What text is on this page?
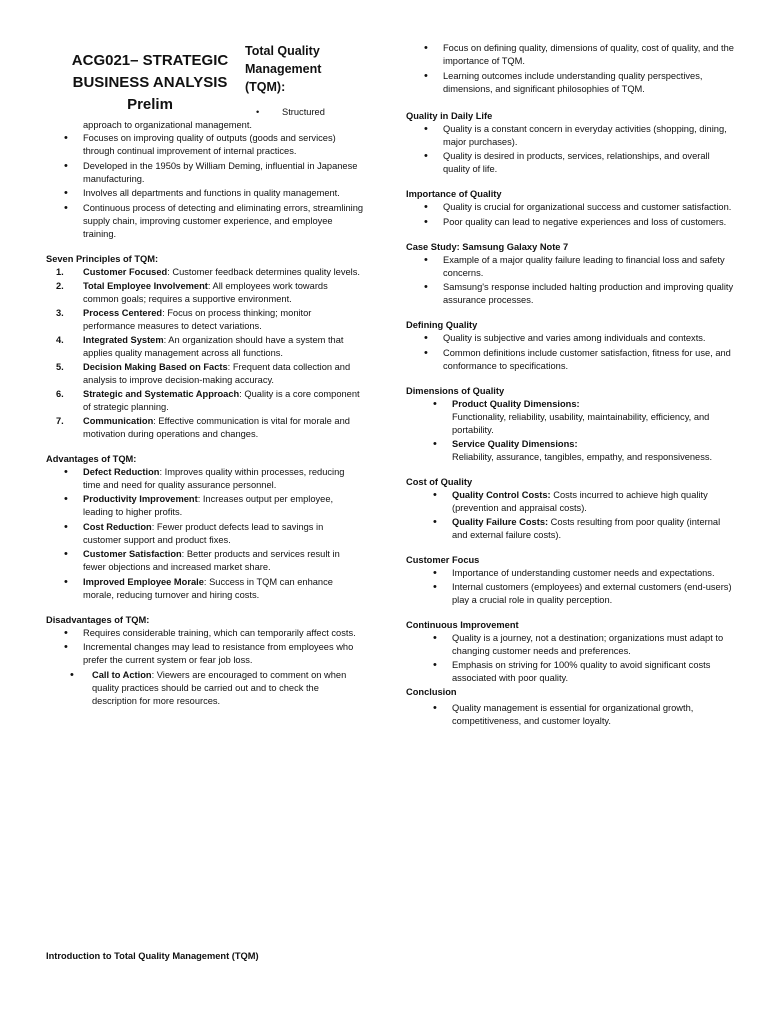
ACG021– STRATEGIC
BUSINESS ANALYSIS
Prelim
Total Quality
Management
(TQM):
• Structured
approach to organizational management.
• Focuses on improving quality of outputs (goods and services) through continual improvement of internal practices.
• Developed in the 1950s by William Deming, influential in Japanese manufacturing.
• Involves all departments and functions in quality management.
• Continuous process of detecting and eliminating errors, streamlining supply chain, improving customer experience, and employee training.
Seven Principles of TQM:
1. Customer Focused: Customer feedback determines quality levels.
2. Total Employee Involvement: All employees work towards common goals; requires a supportive environment.
3. Process Centered: Focus on process thinking; monitor performance measures to detect variations.
4. Integrated System: An organization should have a system that applies quality management across all functions.
5. Decision Making Based on Facts: Frequent data collection and analysis to improve decision-making accuracy.
6. Strategic and Systematic Approach: Quality is a core component of strategic planning.
7. Communication: Effective communication is vital for morale and motivation during operations and changes.
Advantages of TQM:
• Defect Reduction: Improves quality within processes, reducing time and need for quality assurance personnel.
• Productivity Improvement: Increases output per employee, leading to higher profits.
• Cost Reduction: Fewer product defects lead to savings in customer support and product fixes.
• Customer Satisfaction: Better products and services result in fewer objections and increased market share.
• Improved Employee Morale: Success in TQM can enhance morale, reducing turnover and hiring costs.
Disadvantages of TQM:
• Requires considerable training, which can temporarily affect costs.
• Incremental changes may lead to resistance from employees who prefer the current system or fear job loss.
• Call to Action: Viewers are encouraged to comment on when quality practices should be carried out and to check the description for more resources.
• Focus on defining quality, dimensions of quality, cost of quality, and the importance of TQM.
• Learning outcomes include understanding quality perspectives, dimensions, and significant philosophies of TQM.
Quality in Daily Life
• Quality is a constant concern in everyday activities (shopping, dining, major purchases).
• Quality is desired in products, services, relationships, and overall quality of life.
Importance of Quality
• Quality is crucial for organizational success and customer satisfaction.
• Poor quality can lead to negative experiences and loss of customers.
Case Study: Samsung Galaxy Note 7
• Example of a major quality failure leading to financial loss and safety concerns.
• Samsung's response included halting production and improving quality assurance processes.
Defining Quality
• Quality is subjective and varies among individuals and contexts.
• Common definitions include customer satisfaction, fitness for use, and conformance to specifications.
Dimensions of Quality
• Product Quality Dimensions:
Functionality, reliability, usability, maintainability, efficiency, and portability.
• Service Quality Dimensions:
Reliability, assurance, tangibles, empathy, and responsiveness.
Cost of Quality
• Quality Control Costs: Costs incurred to achieve high quality (prevention and appraisal costs).
• Quality Failure Costs: Costs resulting from poor quality (internal and external failure costs).
Customer Focus
• Importance of understanding customer needs and expectations.
• Internal customers (employees) and external customers (end-users) play a crucial role in quality perception.
Continuous Improvement
• Quality is a journey, not a destination; organizations must adapt to changing customer needs and preferences.
• Emphasis on striving for 100% quality to avoid significant costs associated with poor quality.
Conclusion
• Quality management is essential for organizational growth, competitiveness, and customer loyalty.
Introduction to Total Quality Management (TQM)
